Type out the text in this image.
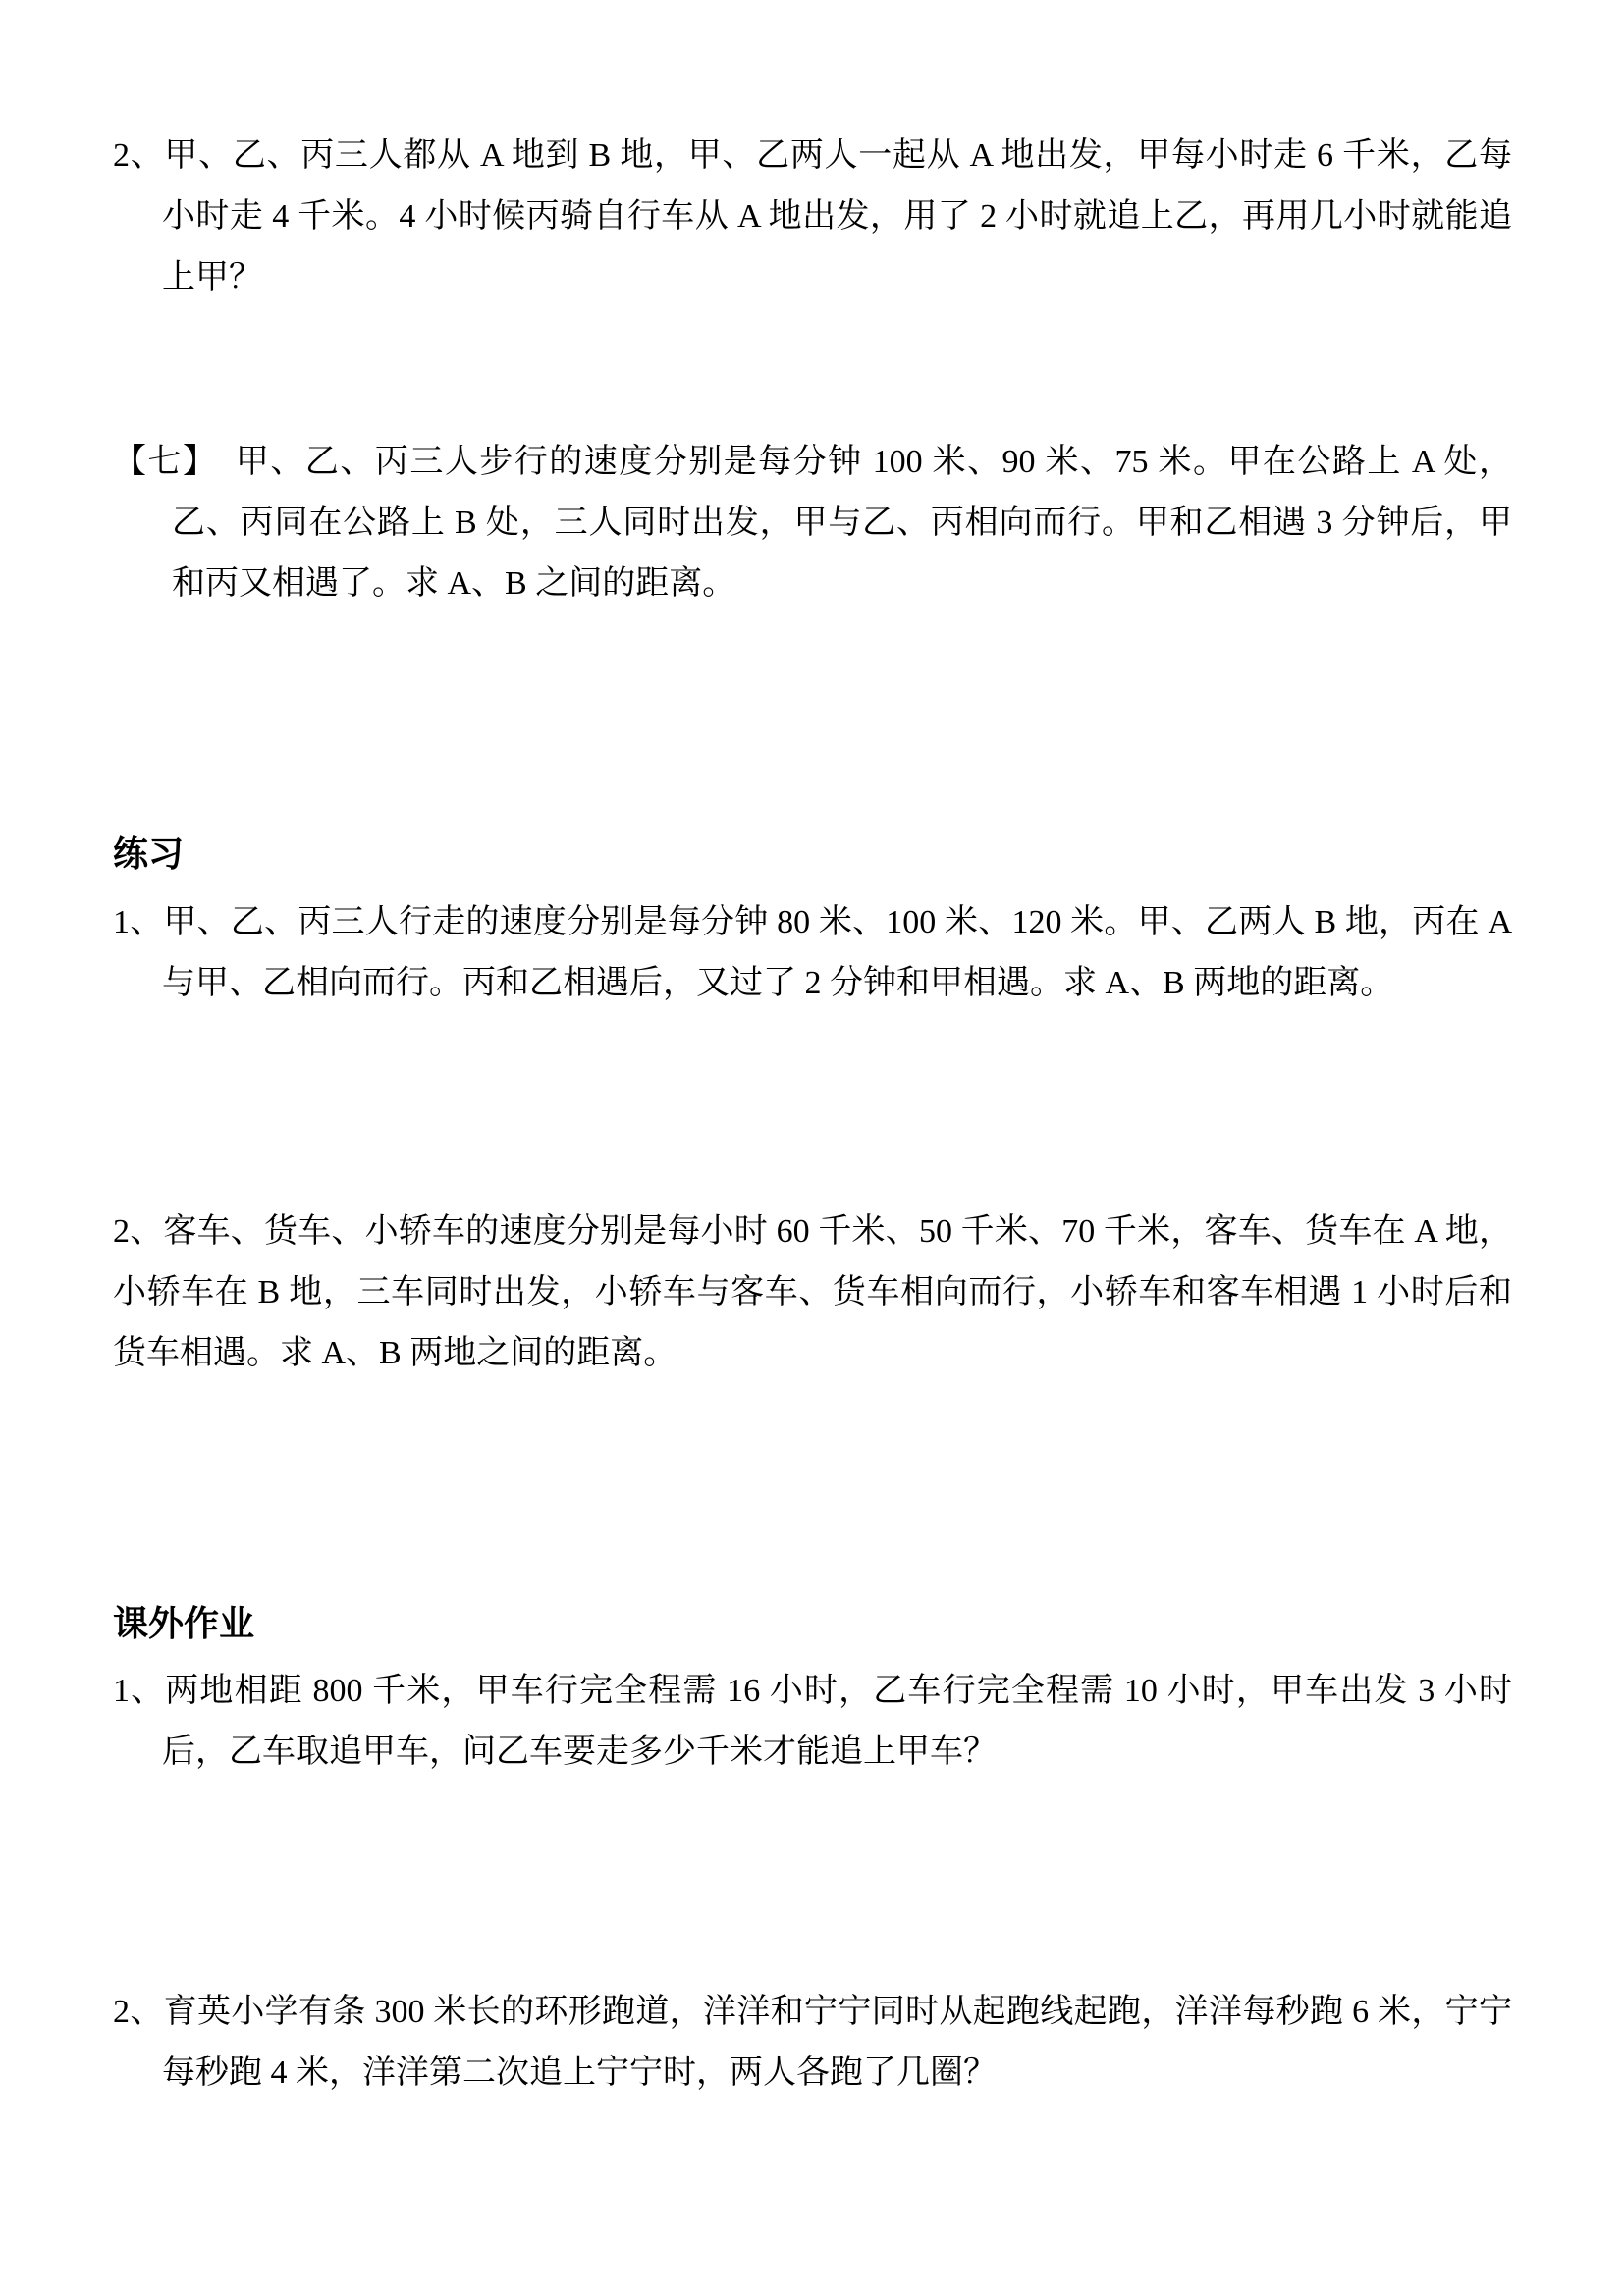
2、甲、乙、丙三人都从 A 地到 B 地，甲、乙两人一起从 A 地出发，甲每小时走 6 千米，乙每小时走 4 千米。4 小时候丙骑自行车从 A 地出发，用了 2 小时就追上乙，再用几小时就能追上甲？

【七】　甲、乙、丙三人步行的速度分别是每分钟 100 米、90 米、75 米。甲在公路上 A 处，乙、丙同在公路上 B 处，三人同时出发，甲与乙、丙相向而行。甲和乙相遇 3 分钟后，甲和丙又相遇了。求 A、B 之间的距离。

练习

1、甲、乙、丙三人行走的速度分别是每分钟 80 米、100 米、120 米。甲、乙两人 B 地，丙在 A 与甲、乙相向而行。丙和乙相遇后，又过了 2 分钟和甲相遇。求 A、B 两地的距离。

2、客车、货车、小轿车的速度分别是每小时 60 千米、50 千米、70 千米，客车、货车在 A 地，小轿车在 B 地，三车同时出发，小轿车与客车、货车相向而行，小轿车和客车相遇 1 小时后和货车相遇。求 A、B 两地之间的距离。

课外作业

1、两地相距 800 千米，甲车行完全程需 16 小时，乙车行完全程需 10 小时，甲车出发 3 小时后，乙车取追甲车，问乙车要走多少千米才能追上甲车？

2、育英小学有条 300 米长的环形跑道，洋洋和宁宁同时从起跑线起跑，洋洋每秒跑 6 米，宁宁每秒跑 4 米，洋洋第二次追上宁宁时，两人各跑了几圈？
